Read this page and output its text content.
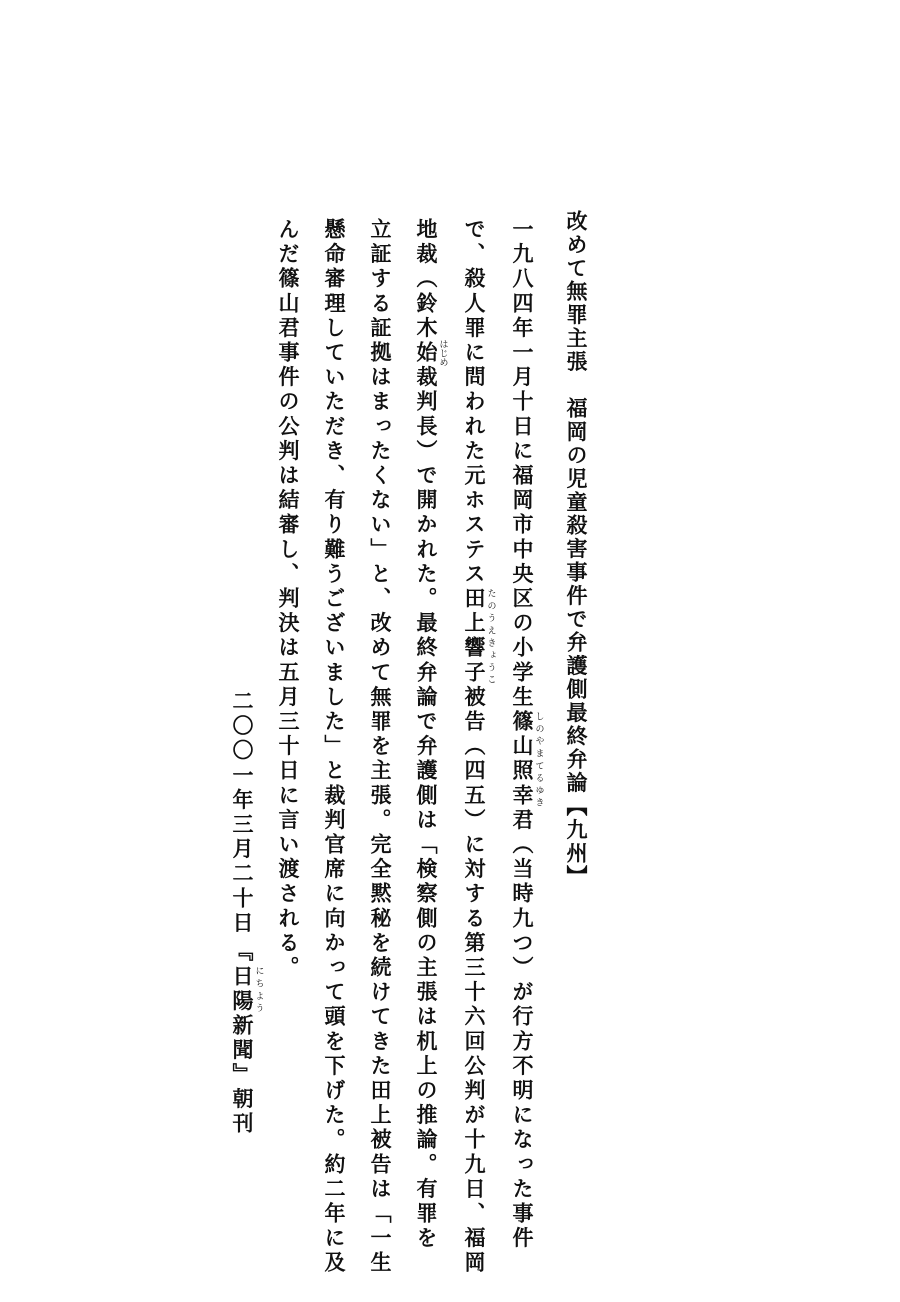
改めて無罪主張　福岡の児童殺害事件で弁護側最終弁論【九州】
一九八四年一月十日に福岡市中央区の小学生篠山照幸しのやまてるゆき君（当時九つ）が行方不明になった事件
で、殺人罪に問われた元ホステス田上響子たのうえきょうこ被告（四五）に対する第三十六回公判が十九日、福岡
地裁（鈴木始はじめ裁判長）で開かれた。最終弁論で弁護側は「検察側の主張は机上の推論。有罪を
立証する証拠はまったくない」と、改めて無罪を主張。完全黙秘を続けてきた田上被告は「一生
懸命審理していただき、有り難うございました」と裁判官席に向かって頭を下げた。約二年に及
んだ篠山君事件の公判は結審し、判決は五月三十日に言い渡される。
二〇〇一年三月二十日
『日陽にちよう新聞』朝刊
